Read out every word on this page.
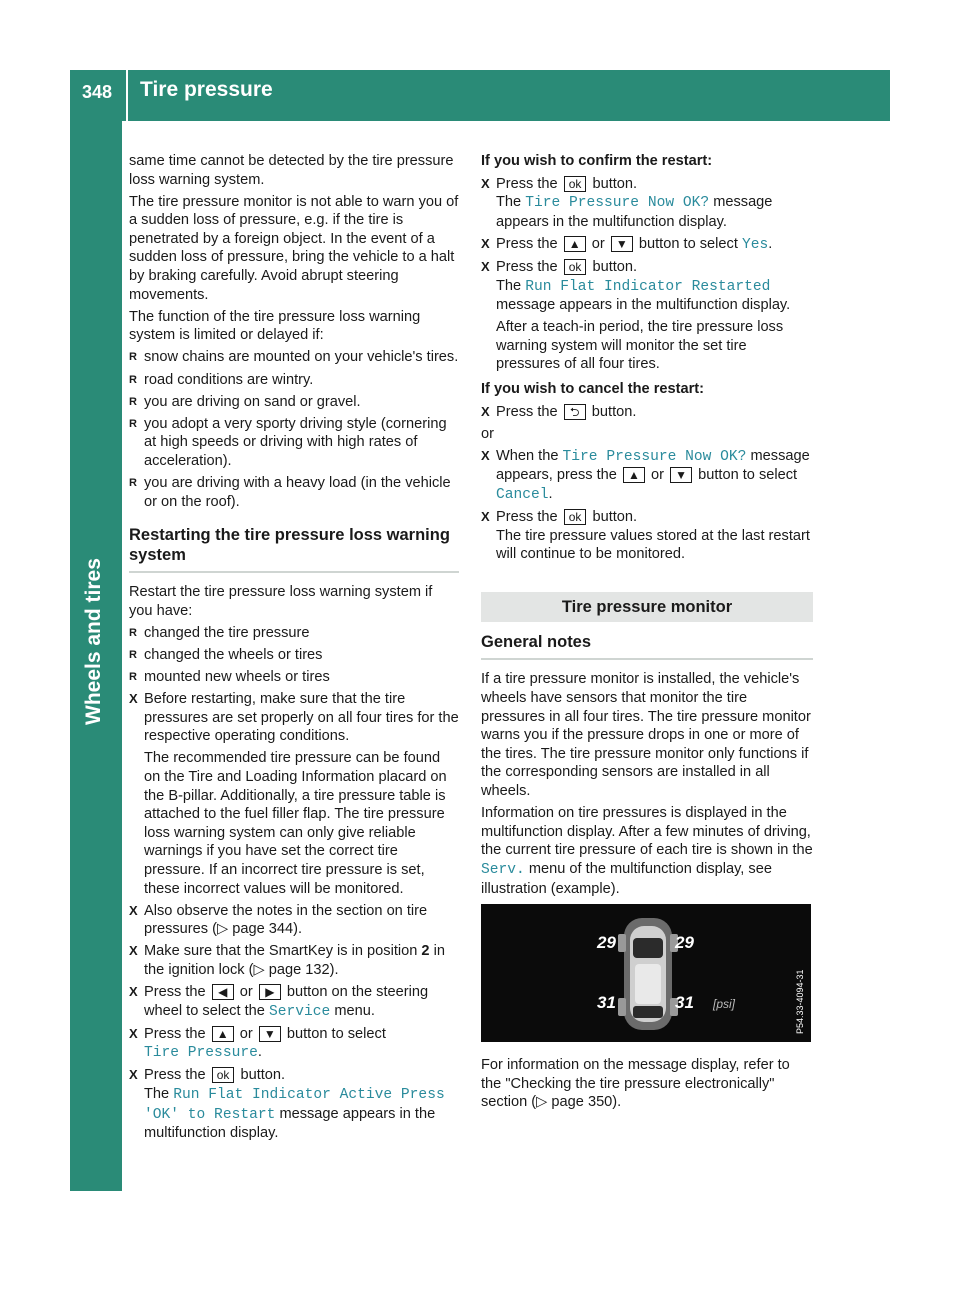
348 Tire pressure
Wheels and tires

same time cannot be detected by the tire pressure loss warning system.

The tire pressure monitor is not able to warn you of a sudden loss of pressure, e.g. if the tire is penetrated by a foreign object. In the event of a sudden loss of pressure, bring the vehicle to a halt by braking carefully. Avoid abrupt steering movements.

The function of the tire pressure loss warning system is limited or delayed if:

R snow chains are mounted on your vehicle's tires.
R road conditions are wintry.
R you are driving on sand or gravel.
R you adopt a very sporty driving style (cornering at high speeds or driving with high rates of acceleration).
R you are driving with a heavy load (in the vehicle or on the roof).
Restarting the tire pressure loss warning system

Restart the tire pressure loss warning system if you have:

R changed the tire pressure
R changed the wheels or tires
R mounted new wheels or tires
X Before restarting, make sure that the tire pressures are set properly on all four tires for the respective operating conditions.
The recommended tire pressure can be found on the Tire and Loading Information placard on the B-pillar. Additionally, a tire pressure table is attached to the fuel filler flap. The tire pressure loss warning system can only give reliable warnings if you have set the correct tire pressure. If an incorrect tire pressure is set, these incorrect values will be monitored.
X Also observe the notes in the section on tire pressures (▷ page 344).
X Make sure that the SmartKey is in position 2 in the ignition lock (▷ page 132).
X Press the ◀ or ▶ button on the steering wheel to select the Service menu.
X Press the ▲ or ▼ button to select
Tire Pressure.
X Press the ok button.
The Run Flat Indicator Active Press
'OK' to Restart message appears in the multifunction display.
If you wish to confirm the restart:
X Press the ok button.
The Tire Pressure Now OK? message appears in the multifunction display.
X Press the ▲ or ▼ button to select Yes.
X Press the ok button.
The Run Flat Indicator Restarted message appears in the multifunction display.
After a teach-in period, the tire pressure loss warning system will monitor the set tire pressures of all four tires.
If you wish to cancel the restart:
X Press the ⮌ button.

or

X When the Tire Pressure Now OK? message appears, press the ▲ or ▼ button to select Cancel.
X Press the ok button.
The tire pressure values stored at the last restart will continue to be monitored.
Tire pressure monitor
General notes

If a tire pressure monitor is installed, the vehicle's wheels have sensors that monitor the tire pressures in all four tires. The tire pressure monitor warns you if the pressure drops in one or more of the tires. The tire pressure monitor only functions if the corresponding sensors are installed in all wheels.

Information on tire pressures is displayed in the multifunction display. After a few minutes of driving, the current tire pressure of each tire is shown in the Serv. menu of the multifunction display, see illustration (example).

29	29
31	31 [psi]	P54.33-4094-31

For information on the message display, refer to the "Checking the tire pressure electronically" section (▷ page 350).
